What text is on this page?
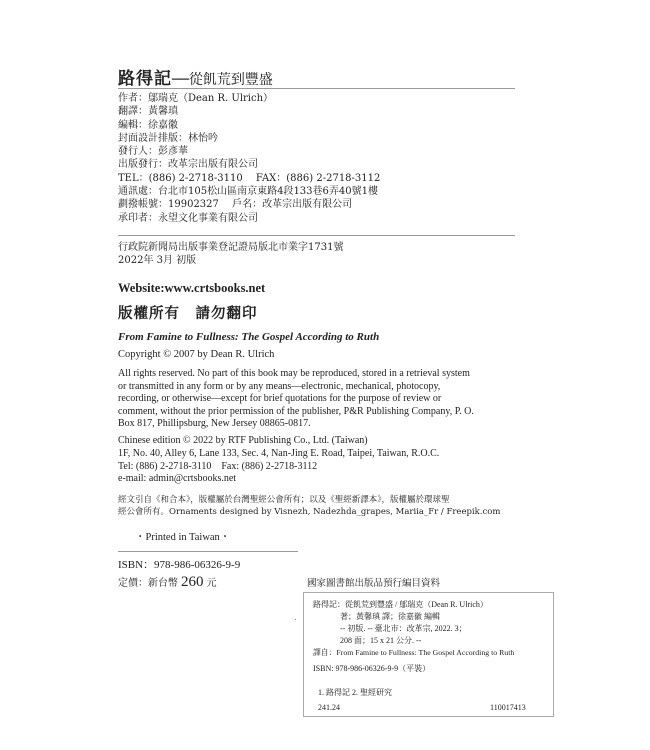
路得記──從飢荒到豐盛
作者：鄔瑞克（Dean R. Ulrich）
翻譯：黃馨瑱
編輯：徐嘉徽
封面設計排版：林怡吟
發行人：彭彥華
出版發行：改革宗出版有限公司
TEL：(886) 2-2718-3110　 FAX：(886) 2-2718-3112
通訊處：台北市105松山區南京東路4段133巷6弄40號1樓
劃撥帳號：19902327　 戶名：改革宗出版有限公司
承印者：永望文化事業有限公司
行政院新聞局出版事業登記證局版北市業字1731號
2022年 3月 初版
Website:www.crtsbooks.net
版權所有　請勿翻印
From Famine to Fullness: The Gospel According to Ruth
Copyright © 2007 by Dean R. Ulrich
All rights reserved. No part of this book may be reproduced, stored in a retrieval system
or transmitted in any form or by any means—electronic, mechanical, photocopy,
recording, or otherwise—except for brief quotations for the purpose of review or
comment, without the prior permission of the publisher, P&R Publishing Company, P. O.
Box 817, Phillipsburg, New Jersey 08865-0817.
Chinese edition © 2022 by RTF Publishing Co., Ltd. (Taiwan)
1F, No. 40, Alley 6, Lane 133, Sec. 4, Nan-Jing E. Road, Taipei, Taiwan, R.O.C.
Tel: (886) 2-2718-3110　Fax: (886) 2-2718-3112
e-mail: admin@crtsbooks.net
經文引自《和合本》，版權屬於台灣聖經公會所有；以及《聖經新譯本》，版權屬於環球聖
經公會所有。Ornaments designed by Visnezh, Nadezhda_grapes, Mariia_Fr / Freepik.com
・Printed in Taiwan・
ISBN：978-986-06326-9-9
定價：新台幣 260 元	國家圖書館出版品預行編目資料
路得記：從飢荒到豐盛 / 鄔瑞克（Dean R. Ulrich）
著；黃馨瑱 譯；徐嘉徽 編輯
-- 初版. -- 臺北市：改革宗, 2022. 3；
208 面；15 x 21 公分. --
譯自：From Famine to Fullness: The Gospel According to Ruth
ISBN: 978-986-06326-9-9（平裝）
1. 路得記 2. 聖經研究
241.24	110017413
.
